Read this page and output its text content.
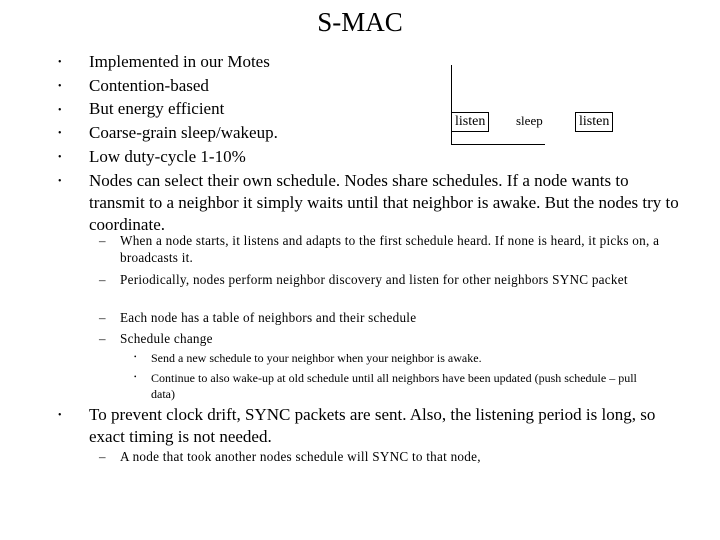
S-MAC
• Implemented in our Motes
• Contention-based
• But energy efficient
• Coarse-grain sleep/wakeup.
• Low duty-cycle 1-10%
• Nodes can select their own schedule. Nodes share schedules. If a node wants to transmit to a neighbor it simply waits until that neighbor is awake. But the nodes try to coordinate.
– When a node starts, it listens and adapts to the first schedule heard. If none is heard, it picks on, a broadcasts it.
– Periodically, nodes perform neighbor discovery and listen for other neighbors SYNC packet
– Each node has a table of neighbors and their schedule
– Schedule change
• Send a new schedule to your neighbor when your neighbor is awake.
• Continue to also wake-up at old schedule until all neighbors have been updated (push schedule – pull data)
• To prevent clock drift, SYNC packets are sent. Also, the listening period is long, so exact timing is not needed.
– A node that took another nodes schedule will SYNC to that node,
listen	sleep	listen
